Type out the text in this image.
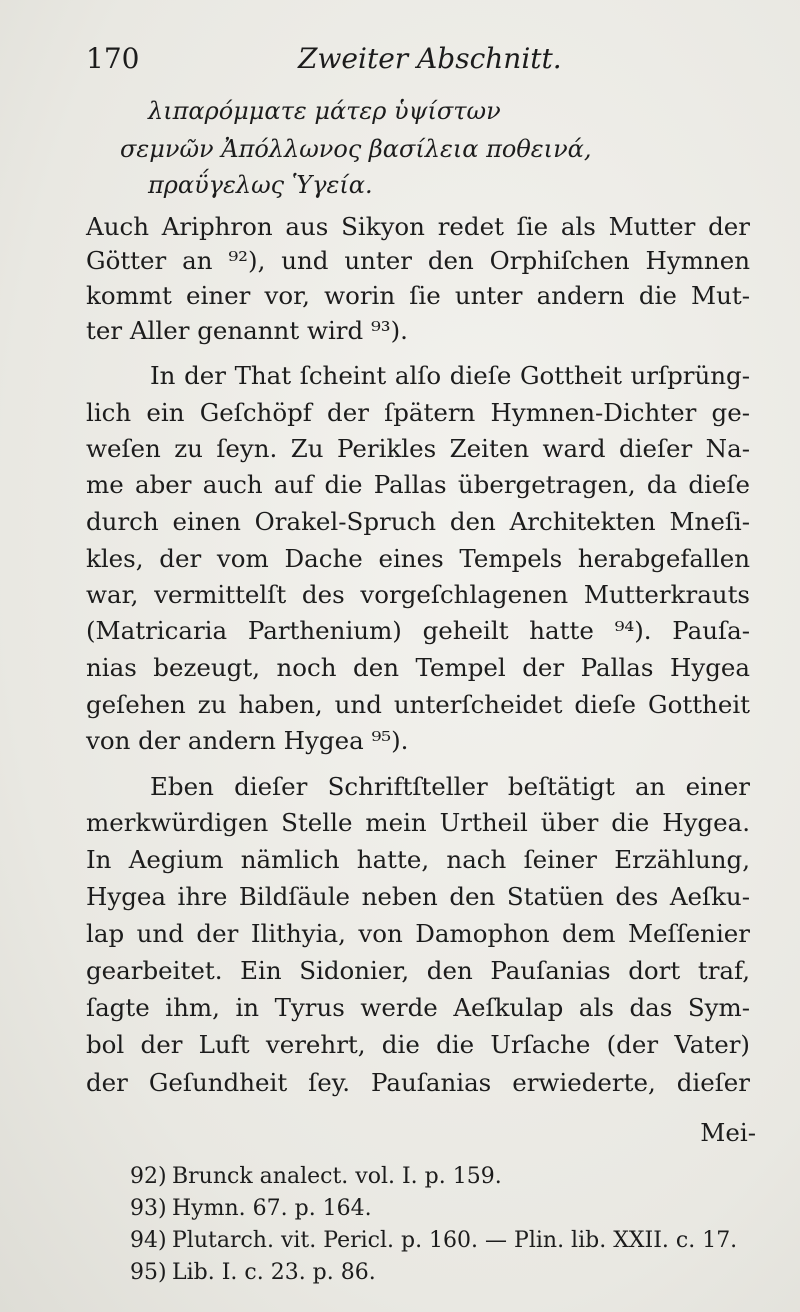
170	Zweiter Abschnitt.
λιπαρόμματε μάτερ ὑψίστων
σεμνῶν Ἀπόλλωνος βασίλεια ποθεινά,
πραΰγελως Ὑγεία.
Auch Ariphron aus Sikyon redet ſie als Mutter der
Götter an ⁹²), und unter den Orphiſchen Hymnen
kommt einer vor, worin ſie unter andern die Mut-
ter Aller genannt wird ⁹³).
In der That ſcheint alſo dieſe Gottheit urſprüng-
lich ein Geſchöpf der ſpätern Hymnen-Dichter ge-
weſen zu ſeyn. Zu Perikles Zeiten ward dieſer Na-
me aber auch auf die Pallas übergetragen, da dieſe
durch einen Orakel-Spruch den Architekten Mneſi-
kles, der vom Dache eines Tempels herabgefallen
war, vermittelſt des vorgeſchlagenen Mutterkrauts
(Matricaria Parthenium) geheilt hatte ⁹⁴). Pauſa-
nias bezeugt, noch den Tempel der Pallas Hygea
geſehen zu haben, und unterſcheidet dieſe Gottheit
von der andern Hygea ⁹⁵).
Eben dieſer Schriftſteller beſtätigt an einer
merkwürdigen Stelle mein Urtheil über die Hygea.
In Aegium nämlich hatte, nach ſeiner Erzählung,
Hygea ihre Bildſäule neben den Statüen des Aeſku-
lap und der Ilithyia, von Damophon dem Meſſenier
gearbeitet. Ein Sidonier, den Pauſanias dort traf,
ſagte ihm, in Tyrus werde Aeſkulap als das Sym-
bol der Luft verehrt, die die Urſache (der Vater)
der Geſundheit ſey. Pauſanias erwiederte, dieſer
Mei-
92) Brunck analect. vol. I. p. 159.
93) Hymn. 67. p. 164.
94) Plutarch. vit. Pericl. p. 160. — Plin. lib. XXII. c. 17.
95) Lib. I. c. 23. p. 86.
